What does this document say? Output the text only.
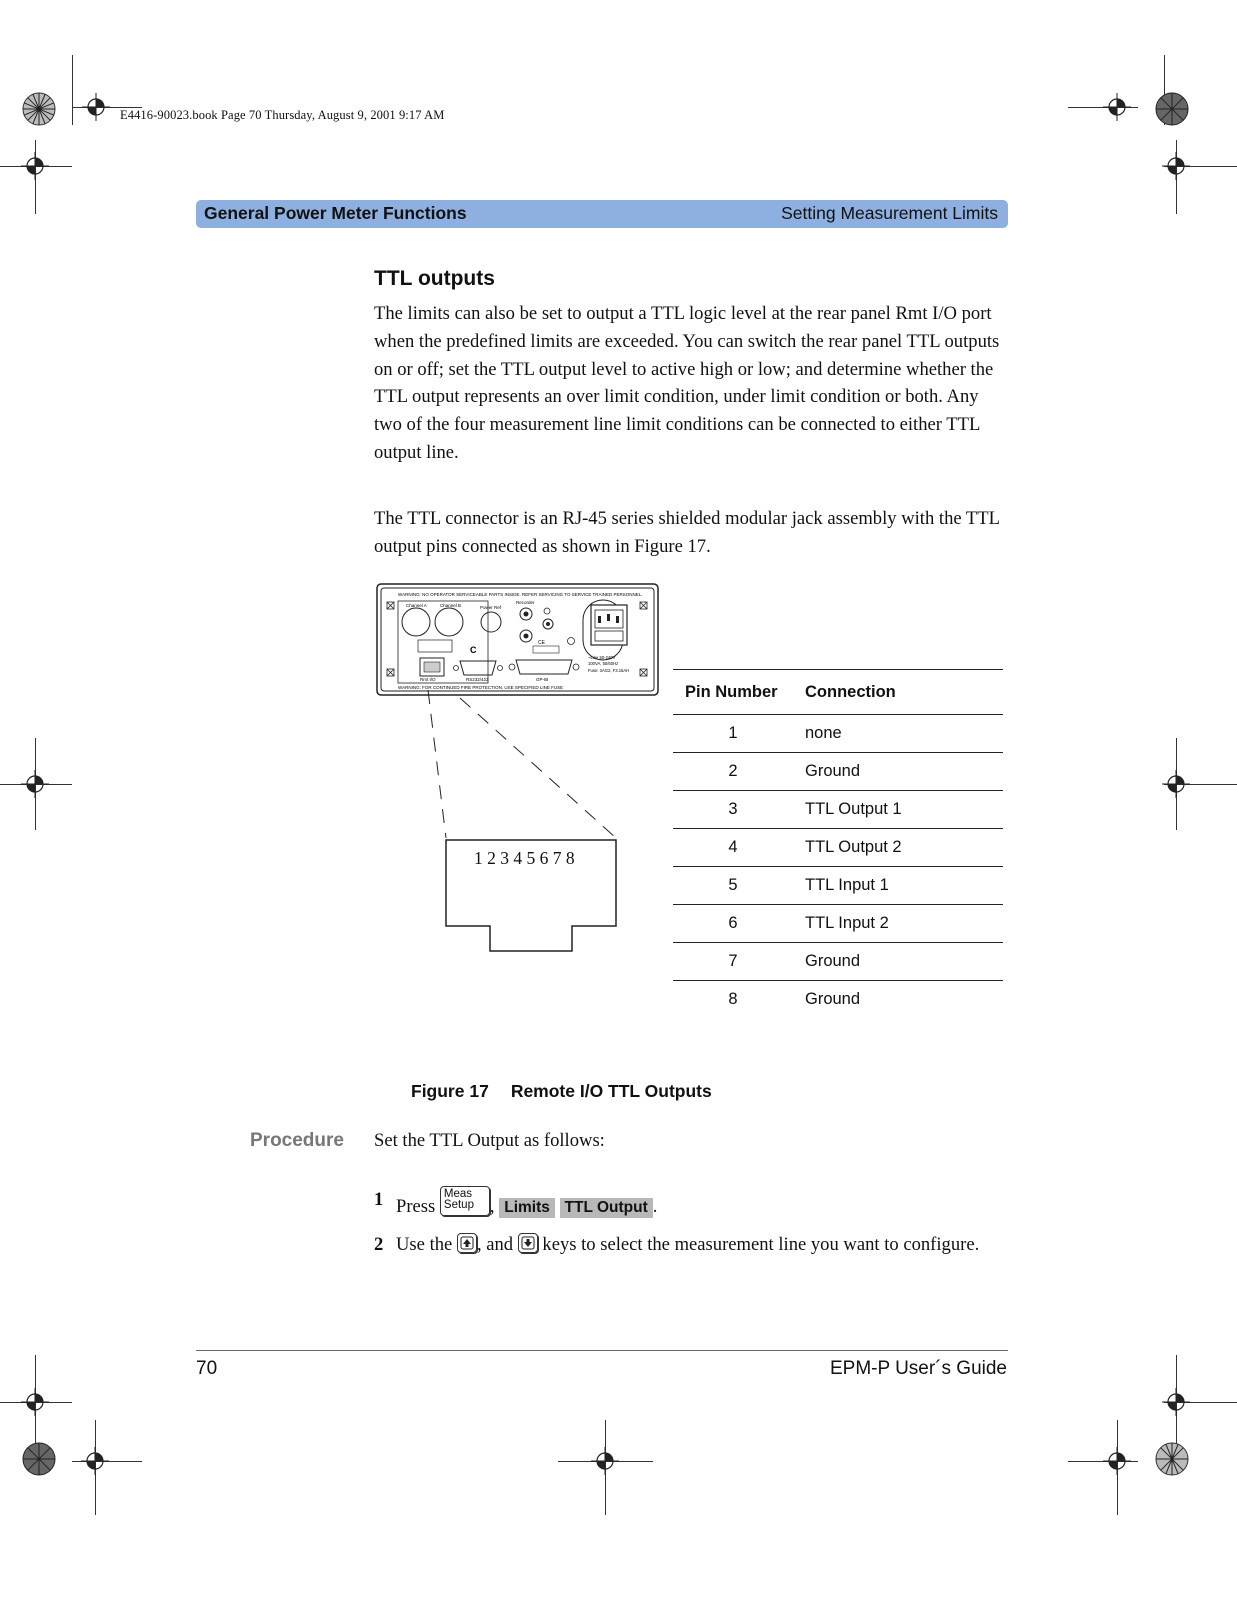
E4416-90023.book Page 70 Thursday, August 9, 2001 9:17 AM
General Power Meter Functions	Setting Measurement Limits
TTL outputs
The limits can also be set to output a TTL logic level at the rear panel Rmt I/O port when the predefined limits are exceeded. You can switch the rear panel TTL outputs on or off; set the TTL output level to active high or low; and determine whether the TTL output represents an over limit condition, under limit condition or both. Any two of the four measurement line limit conditions can be connected to either TTL output line.
The TTL connector is an RJ-45 series shielded modular jack assembly with the TTL output pins connected as shown in Figure 17.
WARNING: NO OPERATOR SERVICEABLE PARTS INSIDE. REFER SERVICING TO SERVICE TRAINED PERSONNEL.
Channel A	Channel B	Power Ref
Recorder
CE
~Line 50-240V
100VA, 50/60Hz
Fuse: 3AG2, F3.15AH
Rmt I/O
C
RS232/422	GP-IB
WARNING: FOR CONTINUED FIRE PROTECTION, USE SPECIFIED LINE FUSE
1 2 3 4 5 6 7 8
Pin Number	Connection
1	none
2	Ground
3	TTL Output 1
4	TTL Output 2
5	TTL Input 1
6	TTL Input 2
7	Ground
8	Ground
Figure 17 Remote I/O TTL Outputs
Procedure Set the TTL Output as follows:
1 Press
Meas
Setup , Limits TTL Output .
2 Use the , and keys to select the measurement line you want to configure.
70	EPM-P User´s Guide
